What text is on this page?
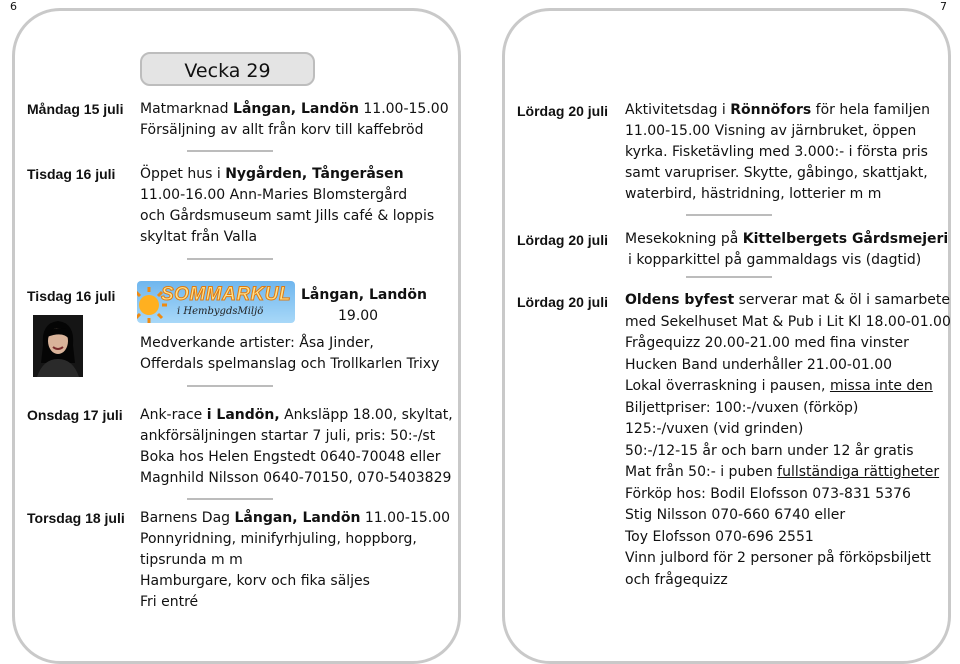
6	7
Vecka 29
Måndag 15 juli Matmarknad Långan, Landön 11.00-15.00
Försäljning av allt från korv till kaffebröd
Tisdag 16 juli Öppet hus i Nygården, Tångeråsen
11.00-16.00 Ann-Maries Blomstergård
och Gårdsmuseum samt Jills café & loppis
skyltat från Valla
Tisdag 16 juli SOMMARKUL
i HembygdsMiljö
Långan, Landön
19.00
Medverkande artister: Åsa Jinder,
Offerdals spelmanslag och Trollkarlen Trixy
Onsdag 17 juli Ank-race i Landön, Anksläpp 18.00, skyltat,
ankförsäljningen startar 7 juli, pris: 50:-/st
Boka hos Helen Engstedt 0640-70048 eller
Magnhild Nilsson 0640-70150, 070-5403829
Torsdag 18 juli Barnens Dag Långan, Landön 11.00-15.00
Ponnyridning, minifyrhjuling, hoppborg,
tipsrunda m m
Hamburgare, korv och fika säljes
Fri entré
Lördag 20 juli Aktivitetsdag i Rönnöfors för hela familjen
11.00-15.00 Visning av järnbruket, öppen
kyrka. Fisketävling med 3.000:- i första pris
samt varupriser. Skytte, gåbingo, skattjakt,
waterbird, hästridning, lotterier m m
Lördag 20 juli Mesekokning på Kittelbergets Gårdsmejeri
i kopparkittel på gammaldags vis (dagtid)
Lördag 20 juli Oldens byfest serverar mat & öl i samarbete
med Sekelhuset Mat & Pub i Lit Kl 18.00-01.00
Frågequizz 20.00-21.00 med fina vinster
Hucken Band underhåller 21.00-01.00
Lokal överraskning i pausen, missa inte den
Biljettpriser: 100:-/vuxen (förköp)
125:-/vuxen (vid grinden)
50:-/12-15 år och barn under 12 år gratis
Mat från 50:- i puben fullständiga rättigheter
Förköp hos: Bodil Elofsson 073-831 5376
Stig Nilsson 070-660 6740 eller
Toy Elofsson 070-696 2551
Vinn julbord för 2 personer på förköpsbiljett
och frågequizz
